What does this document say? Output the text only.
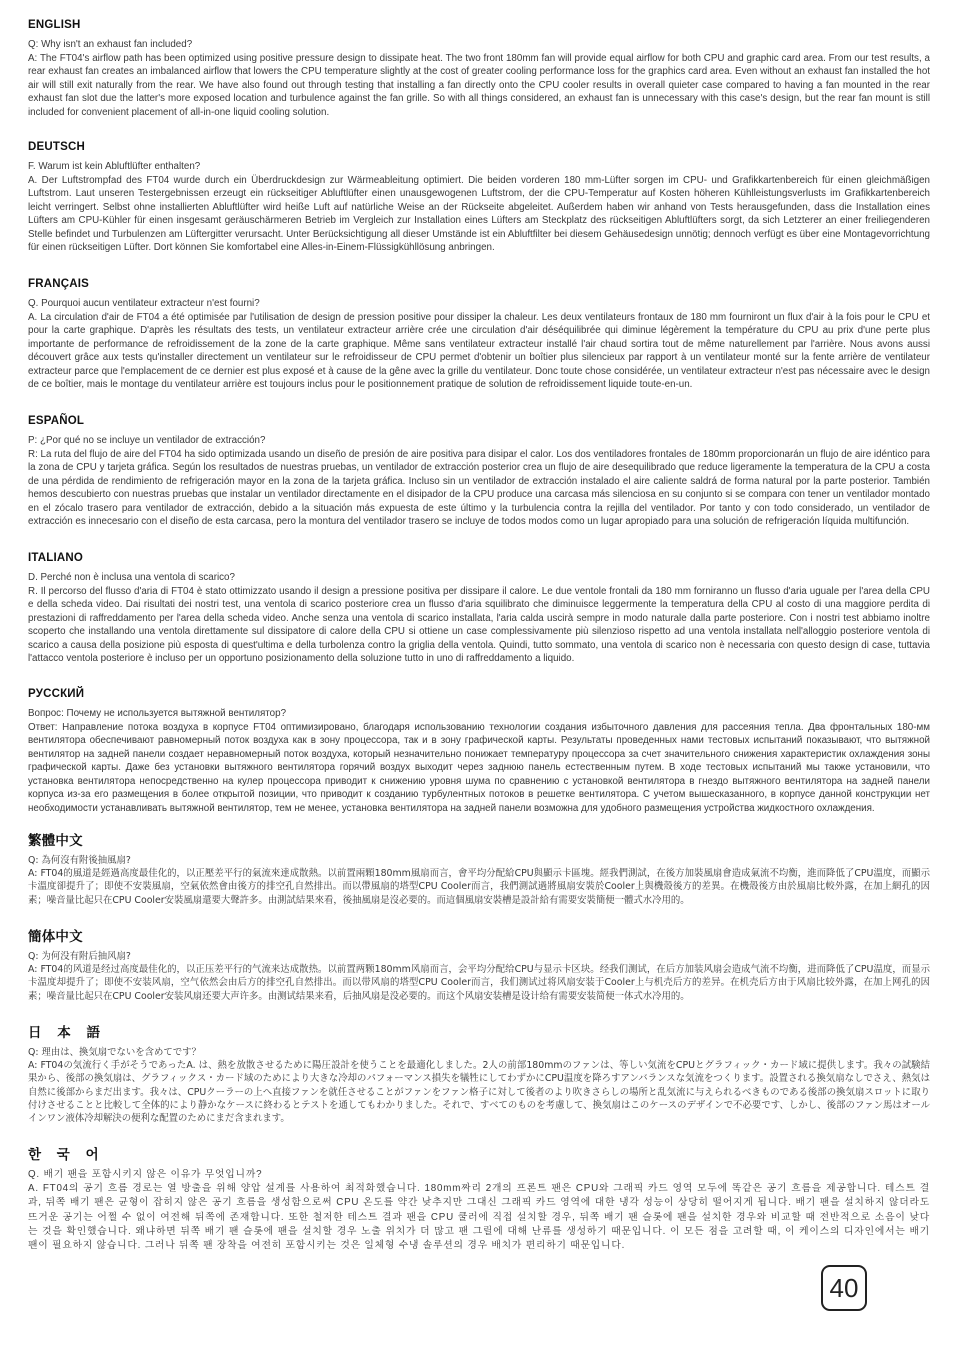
ENGLISH

Q: Why isn't an exhaust fan included?

A: The FT04's airflow path has been optimized using positive pressure design to dissipate heat. The two front 180mm fan will provide equal airflow for both CPU and graphic card area. From our test results, a rear exhaust fan creates an imbalanced airflow that lowers the CPU temperature slightly at the cost of greater cooling performance loss for the graphics card area. Even without an exhaust fan installed the hot air will still exit naturally from the rear. We have also found out through testing that installing a fan directly onto the CPU cooler results in overall quieter case compared to having a fan mounted in the rear exhaust fan slot due the latter's more exposed location and turbulence against the fan grille. So with all things considered, an exhaust fan is unnecessary with this case's design, but the rear fan mount is still included for convenient placement of all-in-one liquid cooling solution.

DEUTSCH

F. Warum ist kein Abluftlüfter enthalten?

A. Der Luftstrompfad des FT04 wurde durch ein Überdruckdesign zur Wärmeableitung optimiert. Die beiden vorderen 180 mm-Lüfter sorgen im CPU- und Grafikkartenbereich für einen gleichmäßigen Luftstrom. Laut unseren Testergebnissen erzeugt ein rückseitiger Abluftlüfter einen unausgewogenen Luftstrom, der die CPU-Temperatur auf Kosten höheren Kühlleistungsverlusts im Grafikkartenbereich leicht verringert. Selbst ohne installierten Abluftlüfter wird heiße Luft auf natürliche Weise an der Rückseite abgeleitet. Außerdem haben wir anhand von Tests herausgefunden, dass die Installation eines Lüfters am CPU-Kühler für einen insgesamt geräuschärmeren Betrieb im Vergleich zur Installation eines Lüfters am Steckplatz des rückseitigen Abluftlüfters sorgt, da sich Letzterer an einer freiliegenderen Stelle befindet und Turbulenzen am Lüftergitter verursacht. Unter Berücksichtigung all dieser Umstände ist ein Abluftfilter bei diesem Gehäusedesign unnötig; dennoch verfügt es über eine Montagevorrichtung für einen rückseitigen Lüfter. Dort können Sie komfortabel eine Alles-in-Einem-Flüssigkühllösung anbringen.

FRANÇAIS

Q. Pourquoi aucun ventilateur extracteur n'est fourni?

A. La circulation d'air de FT04 a été optimisée par l'utilisation de design de pression positive pour dissiper la chaleur. Les deux ventilateurs frontaux de 180 mm fourniront un flux d'air à la fois pour le CPU et pour la carte graphique. D'après les résultats des tests, un ventilateur extracteur arrière crée une circulation d'air déséquilibrée qui diminue légèrement la température du CPU au prix d'une perte plus importante de performance de refroidissement de la zone de la carte graphique. Même sans ventilateur extracteur installé l'air chaud sortira tout de même naturellement par l'arrière. Nous avons aussi découvert grâce aux tests qu'installer directement un ventilateur sur le refroidisseur de CPU permet d'obtenir un boîtier plus silencieux par rapport à un ventilateur monté sur la fente arrière de ventilateur extracteur parce que l'emplacement de ce dernier est plus exposé et à cause de la gêne avec la grille du ventilateur. Donc toute chose considérée, un ventilateur extracteur n'est pas nécessaire avec le design de ce boîtier, mais le montage du ventilateur arrière est toujours inclus pour le positionnement pratique de solution de refroidissement liquide toute-en-un.

ESPAÑOL

P: ¿Por qué no se incluye un ventilador de extracción?

R: La ruta del flujo de aire del FT04 ha sido optimizada usando un diseño de presión de aire positiva para disipar el calor. Los dos ventiladores frontales de 180mm proporcionarán un flujo de aire idéntico para la zona de CPU y tarjeta gráfica. Según los resultados de nuestras pruebas, un ventilador de extracción posterior crea un flujo de aire desequilibrado que reduce ligeramente la temperatura de la CPU a costa de una pérdida de rendimiento de refrigeración mayor en la zona de la tarjeta gráfica. Incluso sin un ventilador de extracción instalado el aire caliente saldrá de forma natural por la parte posterior. También hemos descubierto con nuestras pruebas que instalar un ventilador directamente en el disipador de la CPU produce una carcasa más silenciosa en su conjunto si se compara con tener un ventilador montado en el zócalo trasero para ventilador de extracción, debido a la situación más expuesta de este último y la turbulencia contra la rejilla del ventilador. Por tanto y con todo considerado, un ventilador de extracción es innecesario con el diseño de esta carcasa, pero la montura del ventilador trasero se incluye de todos modos como un lugar apropiado para una solución de refrigeración líquida multifunción.

ITALIANO

D. Perché non è inclusa una ventola di scarico?

R. Il percorso del flusso d'aria di FT04 è stato ottimizzato usando il design a pressione positiva per dissipare il calore. Le due ventole frontali da 180 mm forniranno un flusso d'aria uguale per l'area della CPU e della scheda video. Dai risultati dei nostri test, una ventola di scarico posteriore crea un flusso d'aria squilibrato che diminuisce leggermente la temperatura della CPU al costo di una maggiore perdita di prestazioni di raffreddamento per l'area della scheda video. Anche senza una ventola di scarico installata, l'aria calda uscirà sempre in modo naturale dalla parte posteriore. Con i nostri test abbiamo inoltre scoperto che installando una ventola direttamente sul dissipatore di calore della CPU si ottiene un case complessivamente più silenzioso rispetto ad una ventola installata nell'alloggio posteriore ventola di scarico a causa della posizione più esposta di quest'ultima e della turbolenza contro la griglia della ventola. Quindi, tutto sommato, una ventola di scarico non è necessaria con questo design di case, tuttavia l'attacco ventola posteriore è incluso per un opportuno posizionamento della soluzione tutto in uno di raffreddamento a liquido.

РУССКИЙ

Вопрос: Почему не используется вытяжной вентилятор?

Ответ: Направление потока воздуха в корпусе FT04 оптимизировано, благодаря использованию технологии создания избыточного давления для рассеяния тепла. Два фронтальных 180-мм вентилятора обеспечивают равномерный поток воздуха как в зону процессора, так и в зону графической карты. Результаты проведенных нами тестовых испытаний показывают, что вытяжной вентилятор на задней панели создает неравномерный поток воздуха, который незначительно понижает температуру процессора за счет значительного снижения характеристик охлаждения зоны графической карты. Даже без установки вытяжного вентилятора горячий воздух выходит через заднюю панель естественным путем. В ходе тестовых испытаний мы также установили, что установка вентилятора непосредственно на кулер процессора приводит к снижению уровня шума по сравнению с установкой вентилятора в гнездо вытяжного вентилятора на задней панели корпуса из-за его размещения в более открытой позиции, что приводит к созданию турбулентных потоков в решетке вентилятора. С учетом вышесказанного, в корпусе данной конструкции нет необходимости устанавливать вытяжной вентилятор, тем не менее, установка вентилятора на задней панели возможна для удобного размещения устройства жидкостного охлаждения.

繁體中文

Q: 為何沒有附後抽風扇?

A: FT04的風道是經過高度最佳化的，以正壓差平行的氣流來達成散熱。以前置兩顆180mm風扇而言，會平均分配給CPU與顯示卡區塊。經我們測試，在後方加裝風扇會造成氣流不均衡，進而降低了CPU溫度，而顯示卡溫度卻提升了；即使不安裝風扇，空氣依然會由後方的排空孔自然排出。而以帶風扇的塔型CPU Cooler而言，我們測試過將風扇安裝於Cooler上與機殼後方的差異。在機殼後方由於風扇比較外露，在加上網孔的因素；噪音量比起只在CPU Cooler安裝風扇還要大聲許多。由測試結果來看，後抽風扇是沒必要的。而這個風扇安裝槽是設計給有需要安裝簡便一體式水冷用的。

簡体中文

Q: 为何没有附后抽风扇?

A: FT04的风道是经过高度最佳化的，以正压差平行的气流来达成散热。以前置两颗180mm风扇而言，会平均分配给CPU与显示卡区块。经我们测试，在后方加装风扇会造成气流不均衡，进而降低了CPU温度，而显示卡温度却提升了；即使不安装风扇，空气依然会由后方的排空孔自然排出。而以带风扇的塔型CPU Cooler而言，我们测试过将风扇安装于Cooler上与机壳后方的差异。在机壳后方由于风扇比较外露，在加上网孔的因素；噪音量比起只在CPU Cooler安装风扇还要大声许多。由测试结果来看，后抽风扇是没必要的。而这个风扇安装槽是设计给有需要安装简便一体式水冷用的。

日 本 語

Q: 理由は、換気扇でないを含めてです？

A: FT04の気流行く手がそうであったA. は、熱を放散させるために陽圧設計を使うことを最適化しました。2人の前部180mmのファンは、等しい気流をCPUとグラフィック・カード域に提供します。我々の試験結果から、後部の換気扇は、グラフィックス・カード域のためにより大きな冷却のパフォーマンス損失を犠牲にしてわずかにCPU温度を降ろすアンバランスな気流をつくります。設置される換気扇なしでさえ、熱気は自然に後部からまだ出ます。我々は、CPUクーラーの上へ直接ファンを就任させることがファンをファン格子に対して後者のより吹きさらしの場所と乱気流に与えられるべきものである後部の換気扇スロットに取り付けさせることと比較して全体的により静かなケースに終わるとテストを通してもわかりました。それで、すべてのものを考慮して、換気扇はこのケースのデザインで不必要です、しかし、後部のファン馬はオールインワン液体冷却解決の便利な配置のためにまだ含まれます。

한 국 어

Q. 배기 팬을 포함시키지 않은 이유가 무엇입니까?

A. FT04의 공기 흐름 경로는 열 방출을 위해 양압 설계를 사용하여 최적화했습니다. 180mm짜리 2개의 프론트 팬은 CPU와 그래픽 카드 영역 모두에 똑같은 공기 흐름을 제공합니다. 테스트 결과, 뒤쪽 배기 팬은 균형이 잡히지 않은 공기 흐름을 생성함으로써 CPU 온도를 약간 낮추지만 그대신 그래픽 카드 영역에 대한 냉각 성능이 상당히 떨어지게 됩니다. 배기 팬을 설치하지 않더라도 뜨거운 공기는 어쩔 수 없이 여전해 뒤쪽에 존재합니다. 또한 철저한 테스트 결과 팬을 CPU 쿨러에 직접 설치할 경우, 뒤쪽 배기 팬 슬롯에 팬을 설치한 경우와 비교할 때 전반적으로 소음이 낮다는 것을 확인했습니다. 왜냐하면 뒤쪽 배기 팬 슬롯에 팬을 설치할 경우 노출 위치가 더 많고 팬 그릴에 대해 난류를 생성하기 때문입니다. 이 모든 점을 고려할 때, 이 케이스의 디자인에서는 배기 팬이 필요하지 않습니다. 그러나 뒤쪽 팬 장착을 여전히 포함시키는 것은 일체형 수냉 솔루션의 경우 배치가 편리하기 때문입니다.

40
